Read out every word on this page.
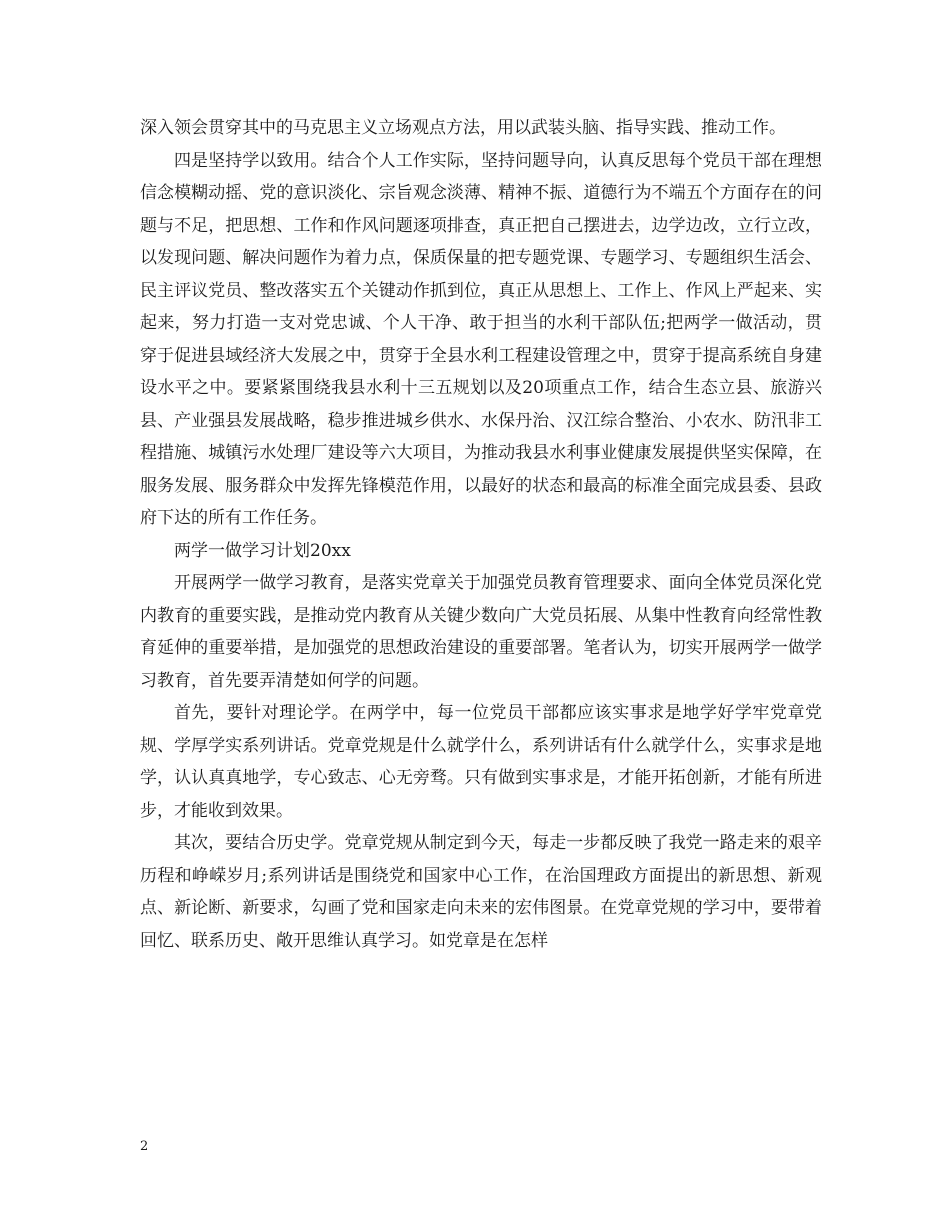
深入领会贯穿其中的马克思主义立场观点方法，用以武装头脑、指导实践、推动工作。

四是坚持学以致用。结合个人工作实际，坚持问题导向，认真反思每个党员干部在理想信念模糊动摇、党的意识淡化、宗旨观念淡薄、精神不振、道德行为不端五个方面存在的问题与不足，把思想、工作和作风问题逐项排查，真正把自己摆进去，边学边改，立行立改，以发现问题、解决问题作为着力点，保质保量的把专题党课、专题学习、专题组织生活会、民主评议党员、整改落实五个关键动作抓到位，真正从思想上、工作上、作风上严起来、实起来，努力打造一支对党忠诚、个人干净、敢于担当的水利干部队伍;把两学一做活动，贯穿于促进县域经济大发展之中，贯穿于全县水利工程建设管理之中，贯穿于提高系统自身建设水平之中。要紧紧围绕我县水利十三五规划以及20项重点工作，结合生态立县、旅游兴县、产业强县发展战略，稳步推进城乡供水、水保丹治、汉江综合整治、小农水、防汛非工程措施、城镇污水处理厂建设等六大项目，为推动我县水利事业健康发展提供坚实保障，在服务发展、服务群众中发挥先锋模范作用，以最好的状态和最高的标准全面完成县委、县政府下达的所有工作任务。

两学一做学习计划20xx

开展两学一做学习教育，是落实党章关于加强党员教育管理要求、面向全体党员深化党内教育的重要实践，是推动党内教育从关键少数向广大党员拓展、从集中性教育向经常性教育延伸的重要举措，是加强党的思想政治建设的重要部署。笔者认为，切实开展两学一做学习教育，首先要弄清楚如何学的问题。

首先，要针对理论学。在两学中，每一位党员干部都应该实事求是地学好学牢党章党规、学厚学实系列讲话。党章党规是什么就学什么，系列讲话有什么就学什么，实事求是地学，认认真真地学，专心致志、心无旁骛。只有做到实事求是，才能开拓创新，才能有所进步，才能收到效果。

其次，要结合历史学。党章党规从制定到今天，每走一步都反映了我党一路走来的艰辛历程和峥嵘岁月;系列讲话是围绕党和国家中心工作，在治国理政方面提出的新思想、新观点、新论断、新要求，勾画了党和国家走向未来的宏伟图景。在党章党规的学习中，要带着回忆、联系历史、敞开思维认真学习。如党章是在怎样

2
